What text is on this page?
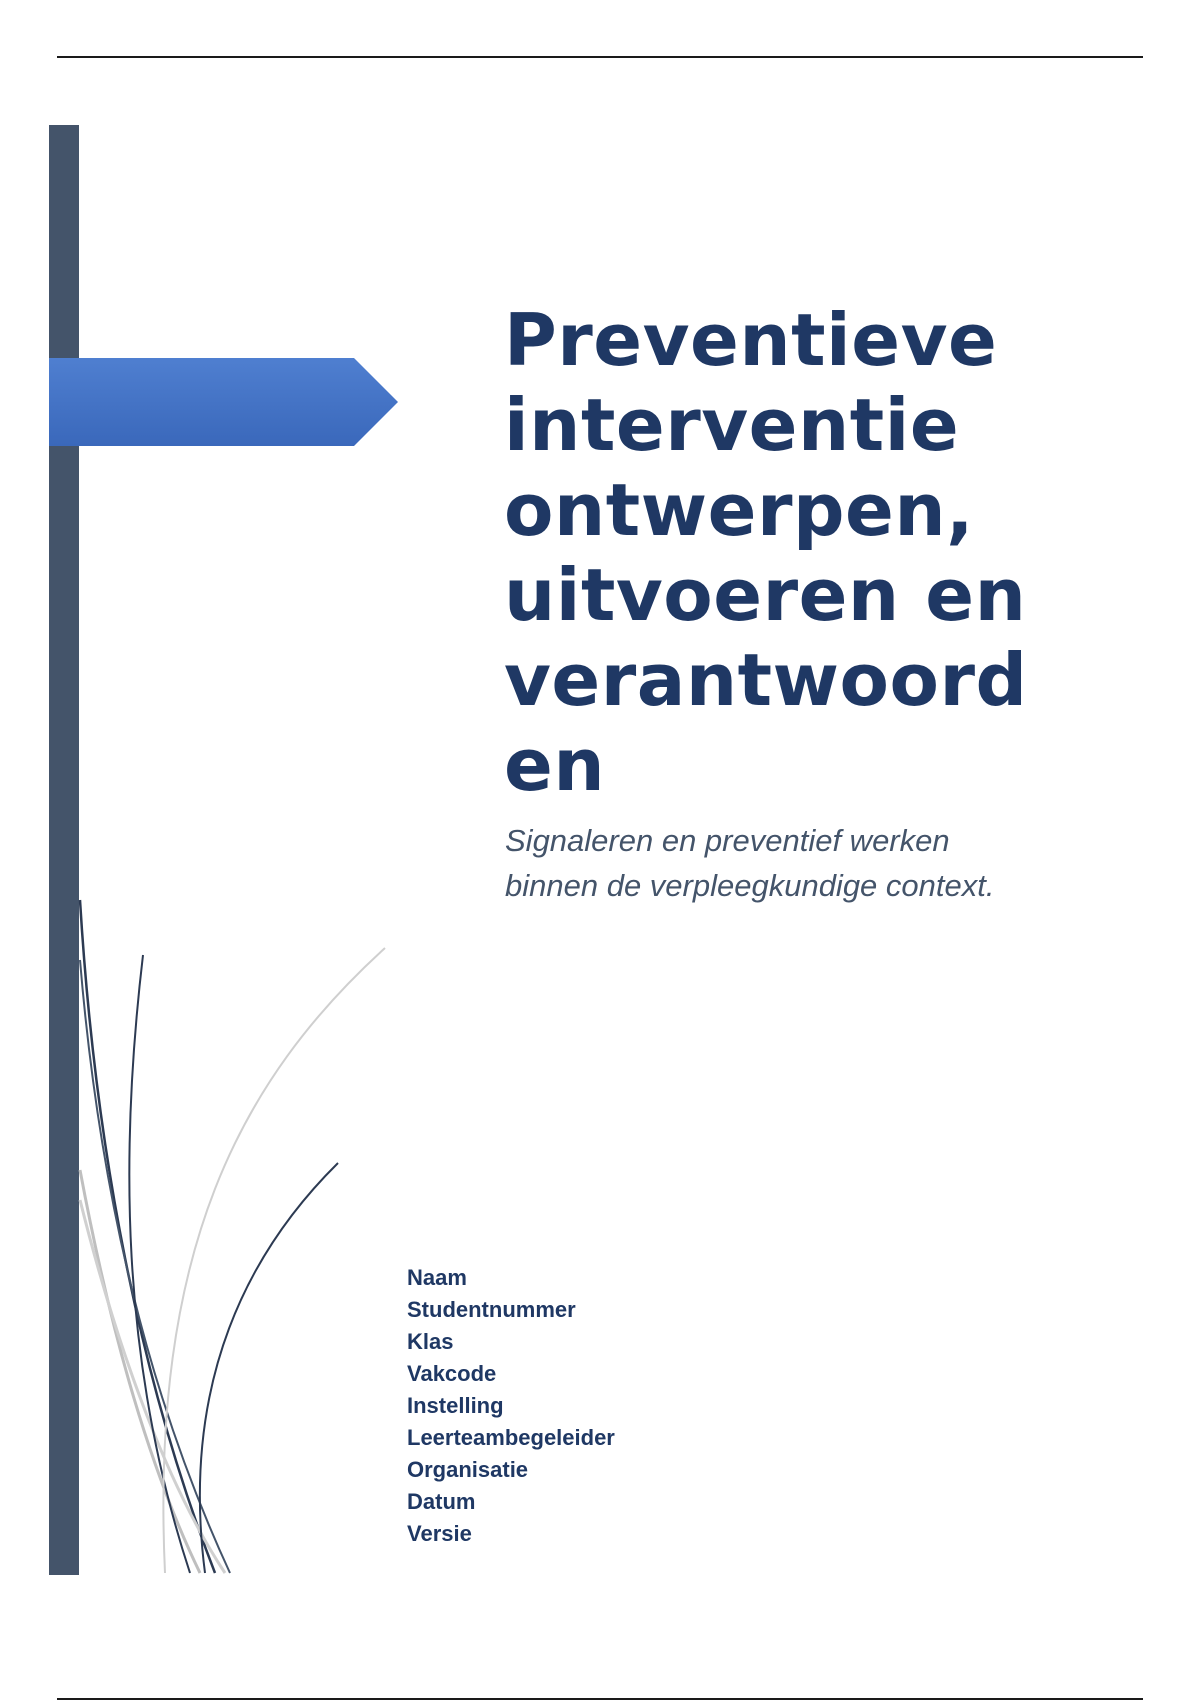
Preventieve
interventie
ontwerpen,
uitvoeren en
verantwoord
en
Signaleren en preventief werken
binnen de verpleegkundige context.
Naam
Studentnummer
Klas
Vakcode
Instelling
Leerteambegeleider
Organisatie
Datum
Versie
